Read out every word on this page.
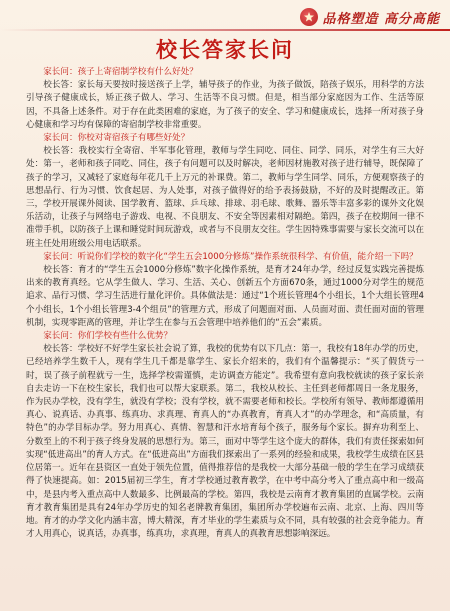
品格塑造 高分高能
校长答家长问

家长问：孩子上寄宿制学校有什么好处？

校长答：家长每天要按时接送孩子上学，辅导孩子的作业，为孩子做饭，陪孩子娱乐，用科学的方法引导孩子健康成长，矫正孩子做人、学习、生活等不良习惯。但是，相当部分家庭因为工作、生活等原因，不具备上述条件。对于存在此类困难的家庭，为了孩子的安全、学习和健康成长，选择一所对孩子身心健康和学习均有保障的寄宿制学校非常重要。

家长问：你校对寄宿孩子有哪些好处？

校长答：我校实行全寄宿、半军事化管理，教师与学生同吃、同住、同学、同乐，对学生有三大好处：第一，老师和孩子同吃、同住，孩子有问题可以及时解决，老师因材施教对孩子进行辅导，既保障了孩子的学习，又减轻了家庭每年花几千上万元的补课费。第二，教师与学生同学、同乐，方便观察孩子的思想品行、行为习惯、饮食起居、为人处事，对孩子做得好的给予表扬鼓励，不好的及时提醒改正。第三，学校开展课外阅读、国学教育、篮球、乒乓球、排球、羽毛球、歌舞、器乐等丰富多彩的课外文化娱乐活动，让孩子与网络电子游戏、电视、不良朋友、不安全等因素相对隔绝。第四，孩子在校期间一律不准带手机，以防孩子上课和睡觉时间玩游戏，或者与不良朋友交往。学生因特殊事需要与家长交流可以在班主任处用班级公用电话联系。

家长问：听说你们学校的数字化“学生五会1000分修炼”操作系统很科学、有价值，能介绍一下吗？

校长答：育才的“学生五会1000分修炼”数字化操作系统，是育才24年办学，经过反复实践完善提炼出来的教育真经。它从学生做人、学习、生活、关心、创新五个方面670条，通过1000分对学生的规范追求、品行习惯、学习生活进行量化评价。具体做法是：通过“1个班长管理4个小组长，1个大组长管理4个小组长，1个小组长管理3-4个组员”的管理方式，形成了问题面对面、人员面对面、责任面对面的管理机制，实现零距离的管理，并让学生在参与五会管理中培养他们的“五会”素质。

家长问：你们学校有些什么优势？

校长答：学校好不好学生家长社会说了算，我校的优势有以下几点：第一，我校有18年办学的历史，已经培养学生数千人，现有学生几千都是靠学生、家长介绍来的，我们有个温馨提示：“买了假货亏一时，误了孩子前程就亏一生，选择学校需谨慎，走访调查方能定”。我希望有意向我校就读的孩子家长亲自去走访一下在校生家长，我们也可以帮大家联系。第二，我校从校长、主任到老师都周日一条龙服务，作为民办学校，没有学生，就没有学校；没有学校，就不需要老师和校长。学校所有领导、教师都遵循用真心、说真话、办真事、练真功、求真理、育真人的“办真教育，育真人才”的办学理念，和“高质量，有特色”的办学目标办学。努力用真心、真情、智慧和汗水培育每个孩子，服务每个家长。摒弃功利至上、分数至上的不利于孩子终身发展的思想行为。第三，面对中等学生这个庞大的群体，我们有责任探索如何实现“低进高出”的育人方式。在“低进高出”方面我们探索出了一系列的经验和成果，我校学生成绩在区县位居第一。近年在县资区一直处于领先位置，值得推荐信的是我校一大部分基础一般的学生在学习成绩获得了快速提高。如：2015届初三学生，育才学校通过教育教学，在中考中高分考入了重点高中和一级高中，是县内考入重点高中人数最多、比例最高的学校。第四，我校是云南育才教育集团的直属学校。云南育才教育集团是具有24年办学历史的知名老牌教育集团，集团所办学校遍布云南、北京、上海、四川等地。育才的办学文化内涵丰富，博大精深，育才毕业的学生素质与众不同，具有较强的社会竞争能力。育才人用真心，说真话，办真事，练真功，求真理，育真人的真教育思想影响深远。
